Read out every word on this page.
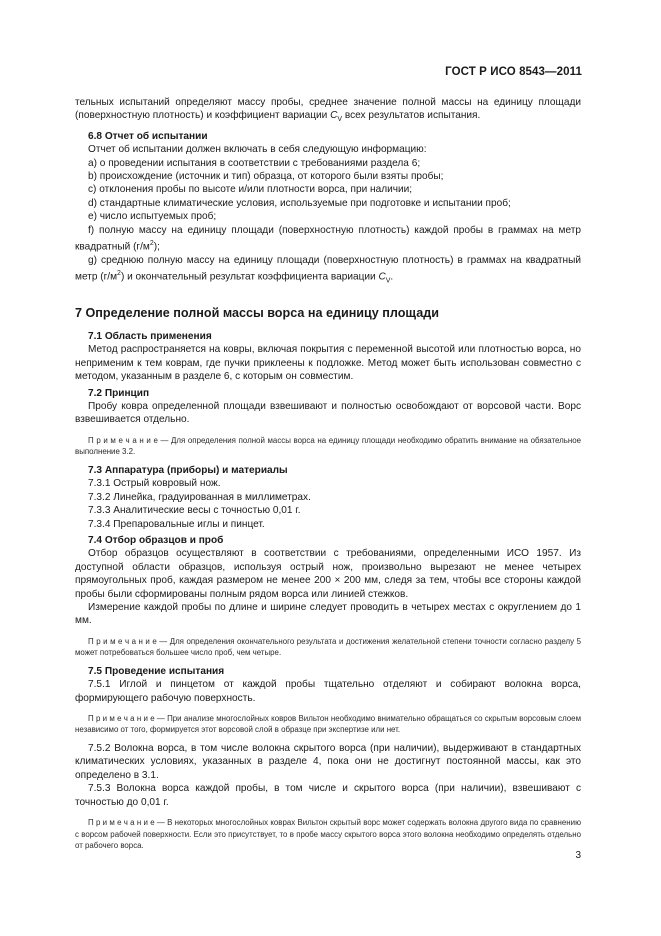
ГОСТ Р ИСО 8543—2011

тельных испытаний определяют массу пробы, среднее значение полной массы на единицу площади (поверхностную плотность) и коэффициент вариации $C_V$ всех результатов испытания.

6.8 Отчет об испытании

Отчет об испытании должен включать в себя следующую информацию:

а) о проведении испытания в соответствии с требованиями раздела 6;

b) происхождение (источник и тип) образца, от которого были взяты пробы;

c) отклонения пробы по высоте и/или плотности ворса, при наличии;

d) стандартные климатические условия, используемые при подготовке и испытании проб;

e) число испытуемых проб;

f) полную массу на единицу площади (поверхностную плотность) каждой пробы в граммах на метр квадратный $(г/м^2)$;

g) среднюю полную массу на единицу площади (поверхностную плотность) в граммах на квадратный метр $(г/м^2)$ и окончательный результат коэффициента вариации $C_V$.

7 Определение полной массы ворса на единицу площади

7.1 Область применения

Метод распространяется на ковры, включая покрытия с переменной высотой или плотностью ворса, но неприменим к тем коврам, где пучки приклеены к подложке. Метод может быть использован совместно с методом, указанным в разделе 6, с которым он совместим.

7.2 Принцип

Пробу ковра определенной площади взвешивают и полностью освобождают от ворсовой части. Ворс взвешивается отдельно.

П р и м е ч а н и е — Для определения полной массы ворса на единицу площади необходимо обратить внимание на обязательное выполнение 3.2.

7.3 Аппаратура (приборы) и материалы

7.3.1 Острый ковровый нож.

7.3.2 Линейка, градуированная в миллиметрах.

7.3.3 Аналитические весы с точностью 0,01 г.

7.3.4 Препаровальные иглы и пинцет.

7.4 Отбор образцов и проб

Отбор образцов осуществляют в соответствии с требованиями, определенными ИСО 1957. Из доступной области образцов, используя острый нож, произвольно вырезают не менее четырех прямоугольных проб, каждая размером не менее 200 × 200 мм, следя за тем, чтобы все стороны каждой пробы были сформированы полным рядом ворса или линией стежков.

Измерение каждой пробы по длине и ширине следует проводить в четырех местах с округлением до 1 мм.

П р и м е ч а н и е — Для определения окончательного результата и достижения желательной степени точности согласно разделу 5 может потребоваться большее число проб, чем четыре.

7.5 Проведение испытания

7.5.1 Иглой и пинцетом от каждой пробы тщательно отделяют и собирают волокна ворса, формирующего рабочую поверхность.

П р и м е ч а н и е — При анализе многослойных ковров Вильтон необходимо внимательно обращаться со скрытым ворсовым слоем независимо от того, формируется этот ворсовой слой в образце при экспертизе или нет.

7.5.2 Волокна ворса, в том числе волокна скрытого ворса (при наличии), выдерживают в стандартных климатических условиях, указанных в разделе 4, пока они не достигнут постоянной массы, как это определено в 3.1.

7.5.3 Волокна ворса каждой пробы, в том числе и скрытого ворса (при наличии), взвешивают с точностью до 0,01 г.

П р и м е ч а н и е — В некоторых многослойных коврах Вильтон скрытый ворс может содержать волокна другого вида по сравнению с ворсом рабочей поверхности. Если это присутствует, то в пробе массу скрытого ворса этого волокна необходимо определять отдельно от рабочего ворса.

3
